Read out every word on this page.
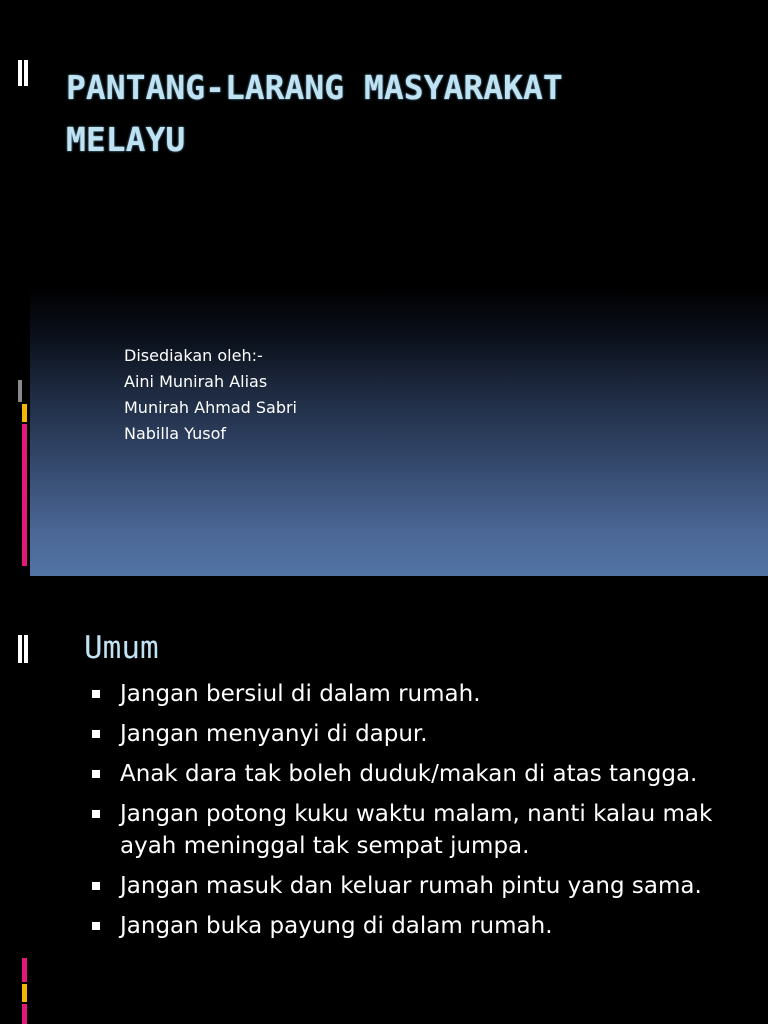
PANTANG-LARANG MASYARAKAT
MELAYU
Disediakan oleh:-
Aini Munirah Alias
Munirah Ahmad Sabri
Nabilla Yusof
Umum
Jangan bersiul di dalam rumah.
Jangan menyanyi di dapur.
Anak dara tak boleh duduk/makan di atas tangga.
Jangan potong kuku waktu malam, nanti kalau mak ayah meninggal tak sempat jumpa.
Jangan masuk dan keluar rumah pintu yang sama.
Jangan buka payung di dalam rumah.
